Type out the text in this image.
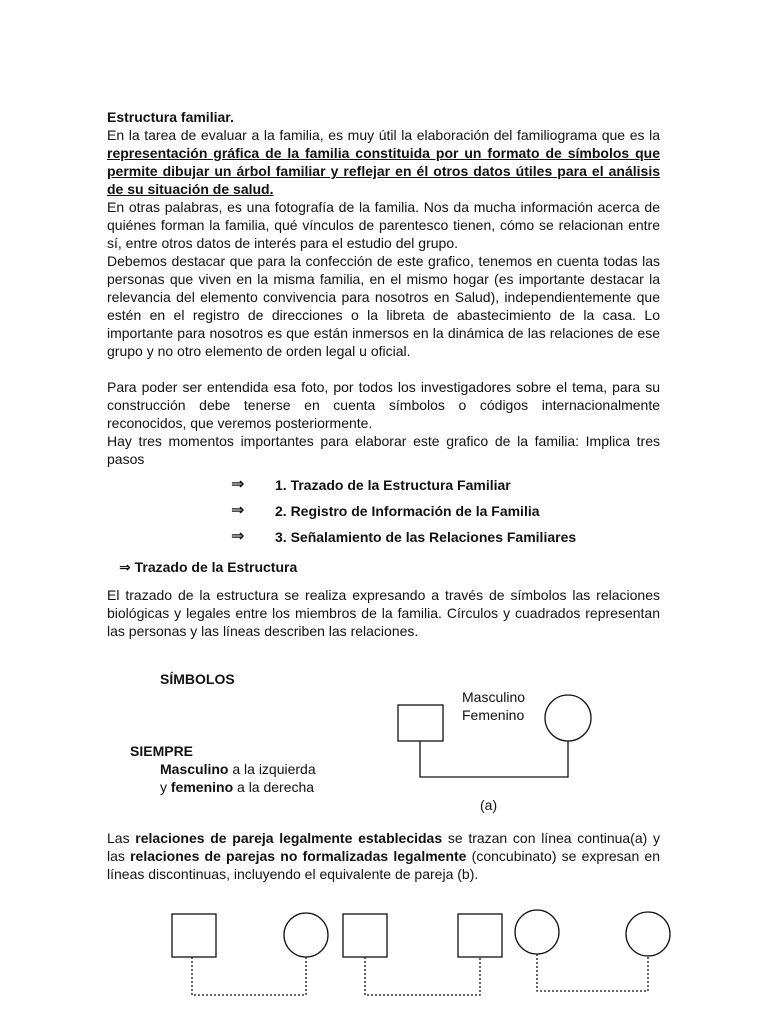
Estructura familiar.

En la tarea de evaluar a la familia, es muy útil la elaboración del familiograma que es la representación gráfica de la familia constituida por un formato de símbolos que permite dibujar un árbol familiar y reflejar en él otros datos útiles para el análisis de su situación de salud.

En otras palabras, es una fotografía de la familia. Nos da mucha información acerca de quiénes forman la familia, qué vínculos de parentesco tienen, cómo se relacionan entre sí, entre otros datos de interés para el estudio del grupo.

Debemos destacar que para la confección de este grafico, tenemos en cuenta todas las personas que viven en la misma familia, en el mismo hogar (es importante destacar la relevancia del elemento convivencia para nosotros en Salud), independientemente que estén en el registro de direcciones o la libreta de abastecimiento de la casa. Lo importante para nosotros es que están inmersos en la dinámica de las relaciones de ese grupo y no otro elemento de orden legal u oficial.

Para poder ser entendida esa foto, por todos los investigadores sobre el tema, para su construcción debe tenerse en cuenta símbolos o códigos internacionalmente reconocidos, que veremos posteriormente.

Hay tres momentos importantes para elaborar este grafico de la familia: Implica tres pasos

⇒ 1. Trazado de la Estructura Familiar
⇒ 2. Registro de Información de la Familia
⇒ 3. Señalamiento de las Relaciones Familiares
⇒ Trazado de la Estructura

El trazado de la estructura se realiza expresando a través de símbolos las relaciones biológicas y legales entre los miembros de la familia. Círculos y cuadrados representan las personas y las líneas describen las relaciones.

SÍMBOLOS
Masculino
Femenino
SIEMPRE
Masculino a la izquierda
y femenino a la derecha
(a)

Las relaciones de pareja legalmente establecidas se trazan con línea continua(a) y las relaciones de parejas no formalizadas legalmente (concubinato) se expresan en líneas discontinuas, incluyendo el equivalente de pareja (b).
